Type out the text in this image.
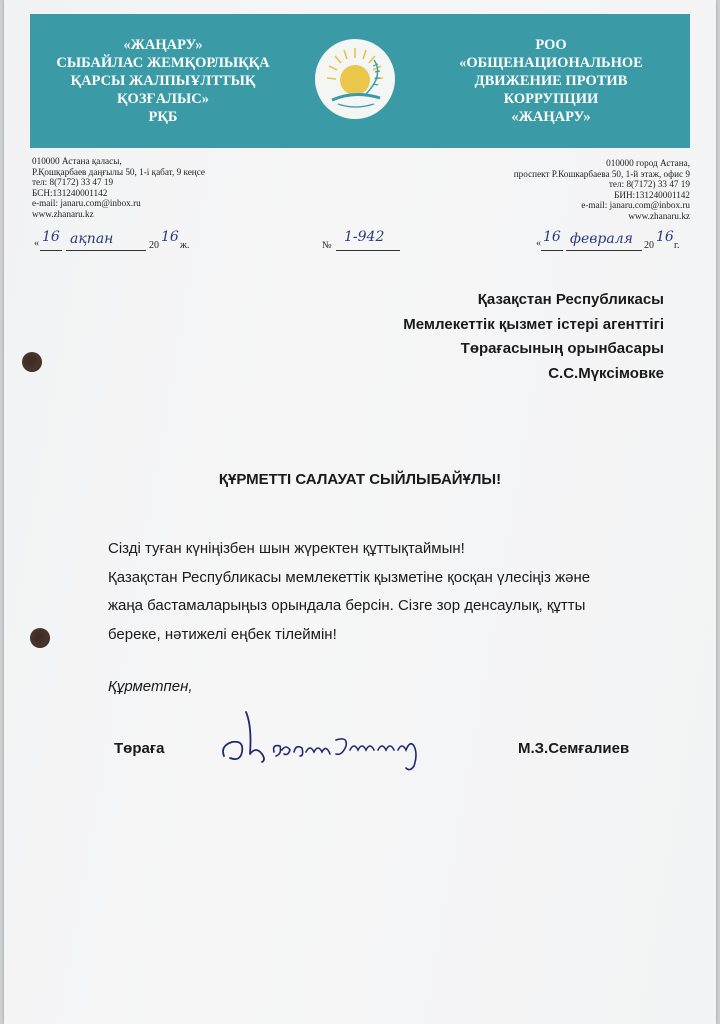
«ЖАҢАРУ»
СЫБАЙЛАС ЖЕМҚОРЛЫҚҚА
ҚАРСЫ ЖАЛПЫҰЛТТЫҚ
ҚОЗҒАЛЫС»
РҚБ
РОО
«ОБЩЕНАЦИОНАЛЬНОЕ
ДВИЖЕНИЕ ПРОТИВ
КОРРУПЦИИ
«ЖАҢАРУ»
010000 Астана қаласы,
Р.Қошқарбаев даңғылы 50, 1-і қабат, 9 кеңсе
тел: 8(7172) 33 47 19
БСН:131240001142
e-mail: janaru.com@inbox.ru
www.zhanaru.kz
010000 город Астана,
проспект Р.Кошкарбаева 50, 1-й этаж, офис 9
тел: 8(7172) 33 47 19
БИН:131240001142
e-mail: janaru.com@inbox.ru
www.zhanaru.kz
« 16 ақпан	20
16
ж.	№
1-942	« 16 февраля 20
16
г.
Қазақстан Республикасы
Мемлекеттік қызмет істері агенттігі
Төрағасының орынбасары
С.С.Мүксімовке
ҚҰРМЕТТІ САЛАУАТ СЫЙЛЫБАЙҰЛЫ!
Сізді туған күніңізбен шын жүректен құттықтаймын!
Қазақстан Республикасы мемлекеттік қызметіне қосқан үлесіңіз және
жаңа бастамаларыңыз орындала берсін. Сізге зор денсаулық, құтты
береке, нәтижелі еңбек тілеймін!
Құрметпен,
Төраға	М.З.Семғалиев
